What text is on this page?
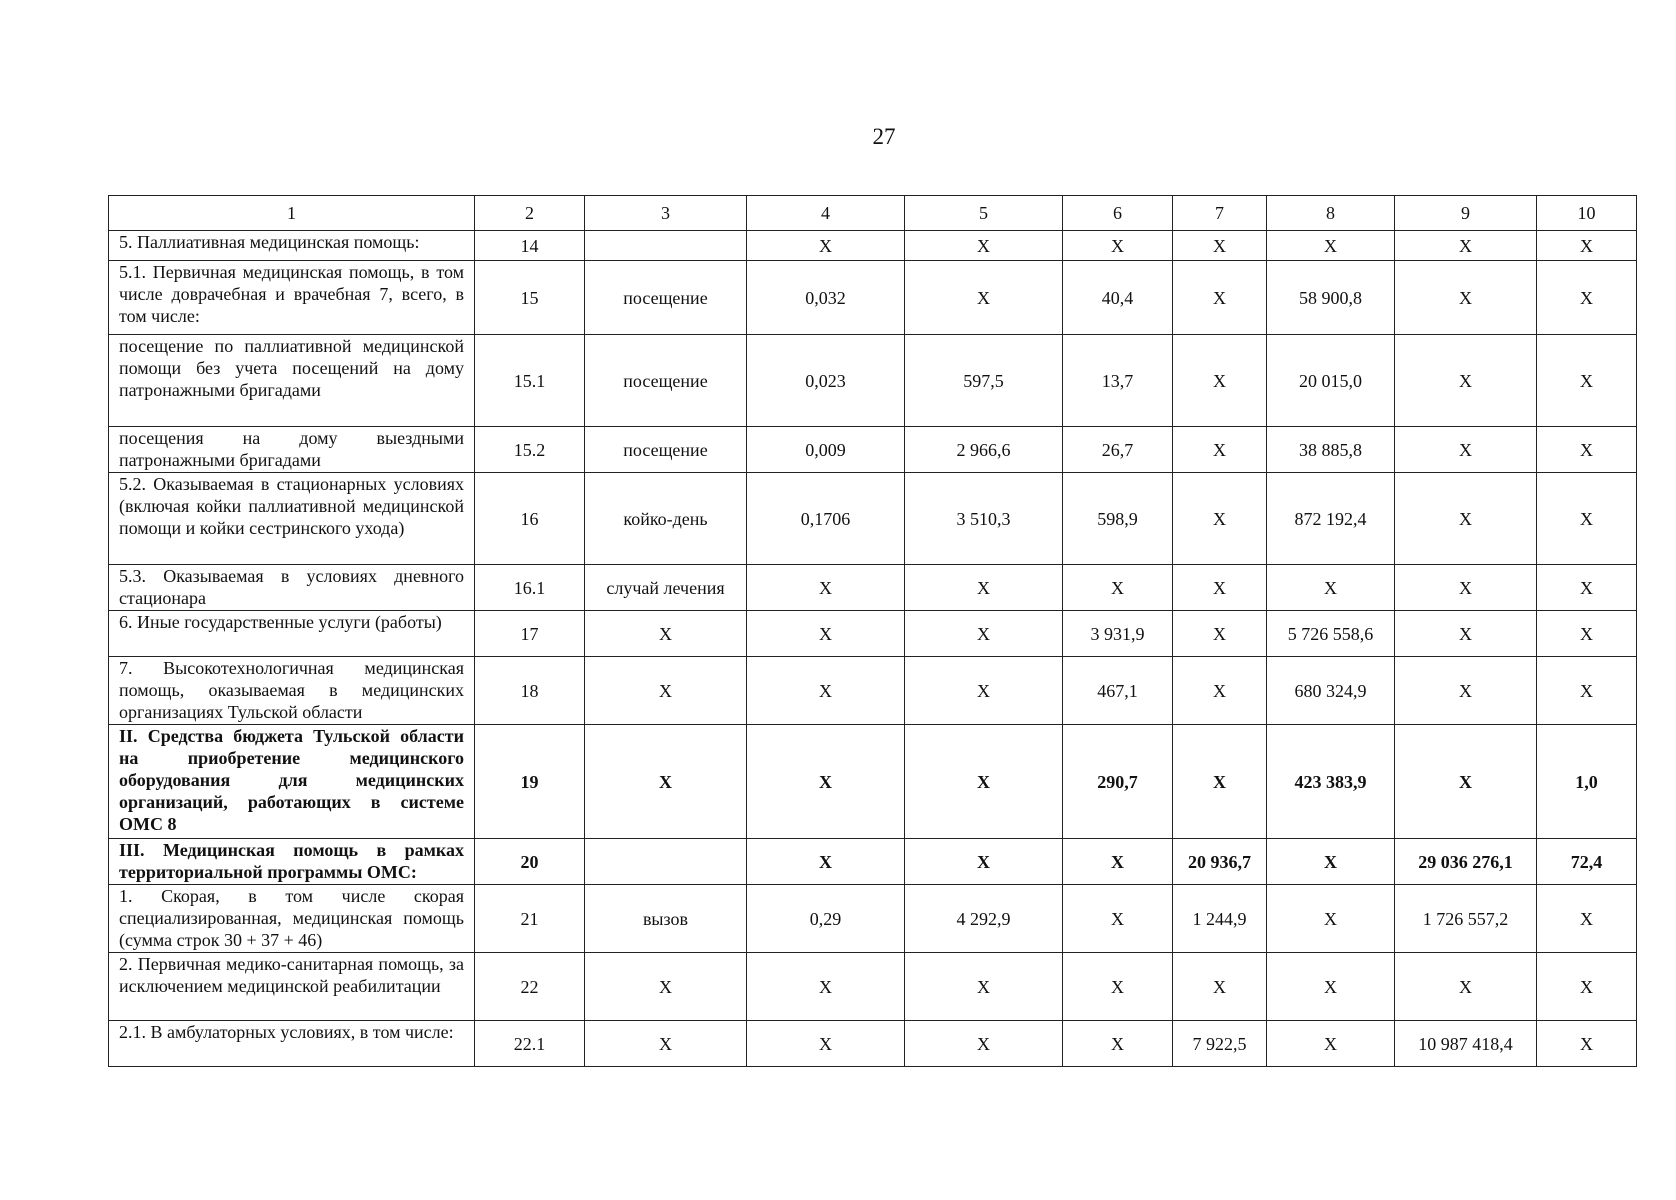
27
1	2	3	4	5	6	7	8	9	10
5. Паллиативная медицинская помощь:	14		X	X	X	X	X	X	X
5.1. Первичная медицинская помощь, в том числе доврачебная и врачебная 7, всего, в том числе:	15	посещение	0,032	X	40,4	X	58 900,8	X	X
посещение по паллиативной медицинской помощи без учета посещений на дому патронажными бригадами	15.1	посещение	0,023	597,5	13,7	X	20 015,0	X	X
посещения на дому выездными патронажными бригадами	15.2	посещение	0,009	2 966,6	26,7	X	38 885,8	X	X
5.2. Оказываемая в стационарных условиях (включая койки паллиативной медицинской помощи и койки сестринского ухода)	16	койко-день	0,1706	3 510,3	598,9	X	872 192,4	X	X
5.3. Оказываемая в условиях дневного стационара	16.1	случай лечения	X	X	X	X	X	X	X
6. Иные государственные услуги (работы)	17	X	X	X	3 931,9	X	5 726 558,6	X	X
7. Высокотехнологичная медицинская помощь, оказываемая в медицинских организациях Тульской области	18	X	X	X	467,1	X	680 324,9	X	X
II. Средства бюджета Тульской области на приобретение медицинского оборудования для медицинских организаций, работающих в системе ОМС 8	19	X	X	X	290,7	X	423 383,9	X	1,0
III. Медицинская помощь в рамках территориальной программы ОМС:	20		X	X	X	20 936,7	X	29 036 276,1	72,4
1. Скорая, в том числе скорая специализированная, медицинская помощь (сумма строк 30 + 37 + 46)	21	вызов	0,29	4 292,9	X	1 244,9	X	1 726 557,2	X
2. Первичная медико-санитарная помощь, за исключением медицинской реабилитации	22	X	X	X	X	X	X	X	X
2.1. В амбулаторных условиях, в том числе:	22.1	X	X	X	X	7 922,5	X	10 987 418,4	X
